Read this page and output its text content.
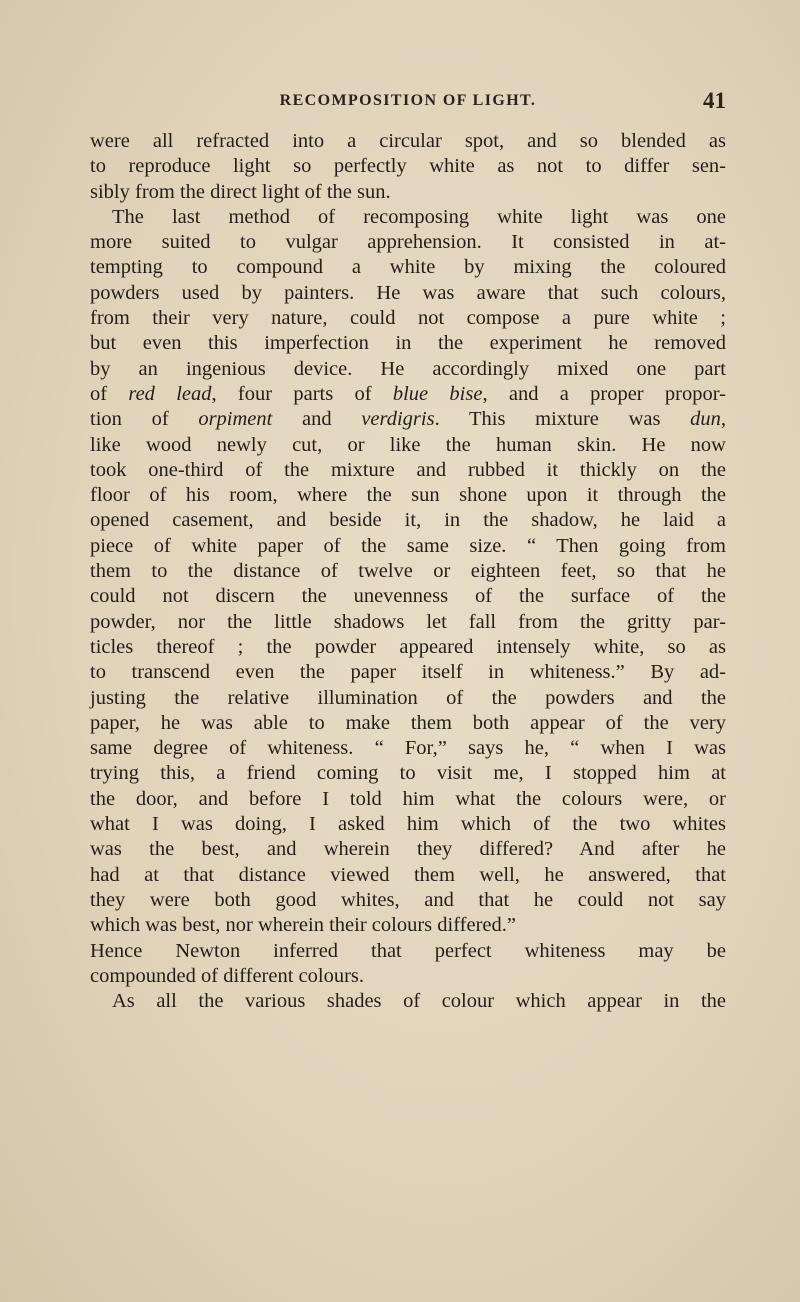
RECOMPOSITION OF LIGHT.	41
were all refracted into a circular spot, and so blended as
to reproduce light so perfectly white as not to differ sen-
sibly from the direct light of the sun.
The last method of recomposing white light was one
more suited to vulgar apprehension. It consisted in at-
tempting to compound a white by mixing the coloured
powders used by painters. He was aware that such colours,
from their very nature, could not compose a pure white ;
but even this imperfection in the experiment he removed
by an ingenious device. He accordingly mixed one part
of red lead, four parts of blue bise, and a proper propor-
tion of orpiment and verdigris. This mixture was dun,
like wood newly cut, or like the human skin. He now
took one-third of the mixture and rubbed it thickly on the
floor of his room, where the sun shone upon it through the
opened casement, and beside it, in the shadow, he laid a
piece of white paper of the same size. “ Then going from
them to the distance of twelve or eighteen feet, so that he
could not discern the unevenness of the surface of the
powder, nor the little shadows let fall from the gritty par-
ticles thereof ; the powder appeared intensely white, so as
to transcend even the paper itself in whiteness.” By ad-
justing the relative illumination of the powders and the
paper, he was able to make them both appear of the very
same degree of whiteness. “ For,” says he, “ when I was
trying this, a friend coming to visit me, I stopped him at
the door, and before I told him what the colours were, or
what I was doing, I asked him which of the two whites
was the best, and wherein they differed? And after he
had at that distance viewed them well, he answered, that
they were both good whites, and that he could not say
which was best, nor wherein their colours differed.”
Hence Newton inferred that perfect whiteness may be
compounded of different colours.
As all the various shades of colour which appear in the
